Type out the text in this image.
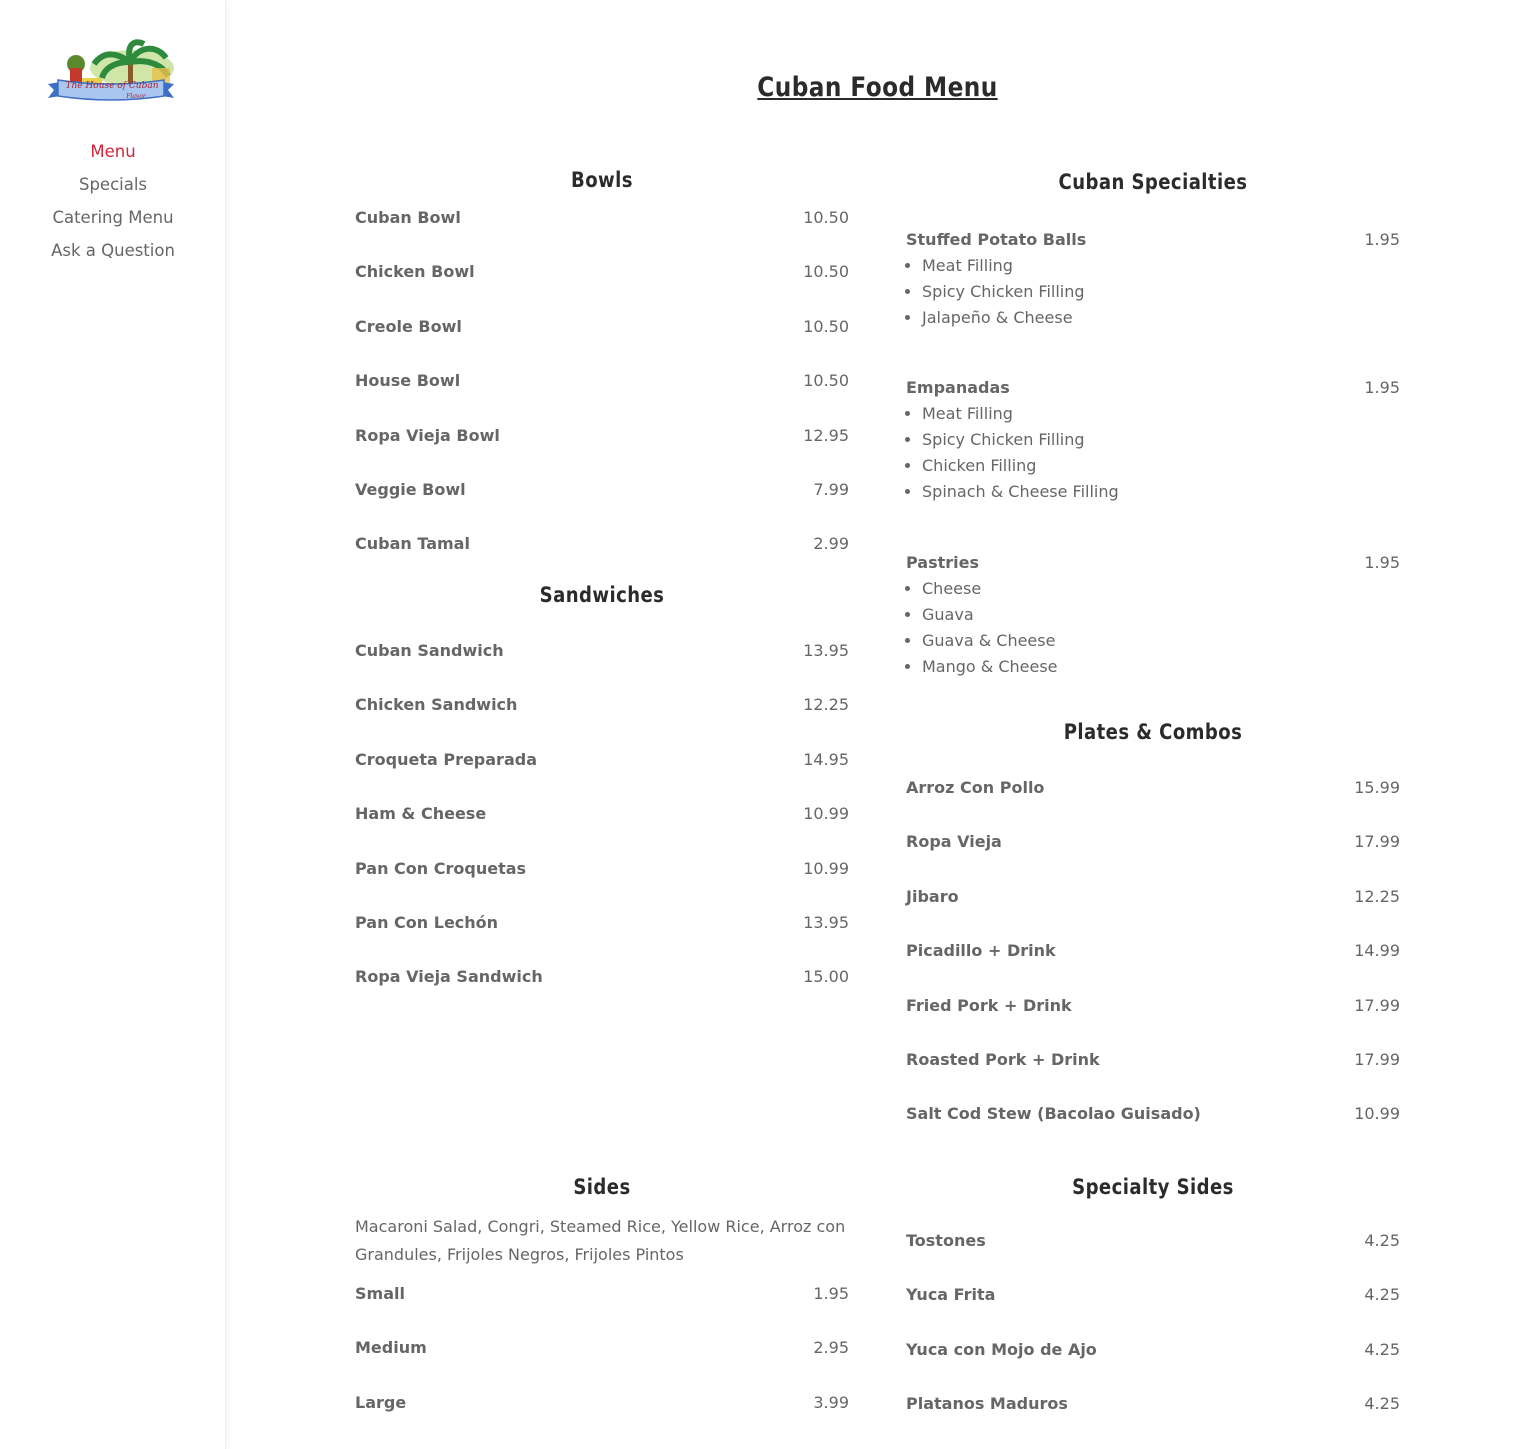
The House of Cuban
Flavor
Menu
Specials
Catering Menu
Ask a Question
Cuban Food Menu
Bowls
Cuban Bowl	10.50
Chicken Bowl	10.50
Creole Bowl	10.50
House Bowl	10.50
Ropa Vieja Bowl	12.95
Veggie Bowl	7.99
Cuban Tamal	2.99
Sandwiches
Cuban Sandwich	13.95
Chicken Sandwich	12.25
Croqueta Preparada	14.95
Ham & Cheese	10.99
Pan Con Croquetas	10.99
Pan Con Lechón	13.95
Ropa Vieja Sandwich	15.00
Cuban Specialties
Stuffed Potato Balls	1.95
• Meat Filling
• Spicy Chicken Filling
• Jalapeño & Cheese
Empanadas	1.95
• Meat Filling
• Spicy Chicken Filling
• Chicken Filling
• Spinach & Cheese Filling
Pastries	1.95
• Cheese
• Guava
• Guava & Cheese
• Mango & Cheese
Plates & Combos
Arroz Con Pollo	15.99
Ropa Vieja	17.99
Jibaro	12.25
Picadillo + Drink	14.99
Fried Pork + Drink	17.99
Roasted Pork + Drink	17.99
Salt Cod Stew (Bacolao Guisado)	10.99
Sides

Macaroni Salad, Congri, Steamed Rice, Yellow Rice, Arroz con Grandules, Frijoles Negros, Frijoles Pintos

Small	1.95
Medium	2.95
Large	3.99
Specialty Sides
Tostones	4.25
Yuca Frita	4.25
Yuca con Mojo de Ajo	4.25
Platanos Maduros	4.25
